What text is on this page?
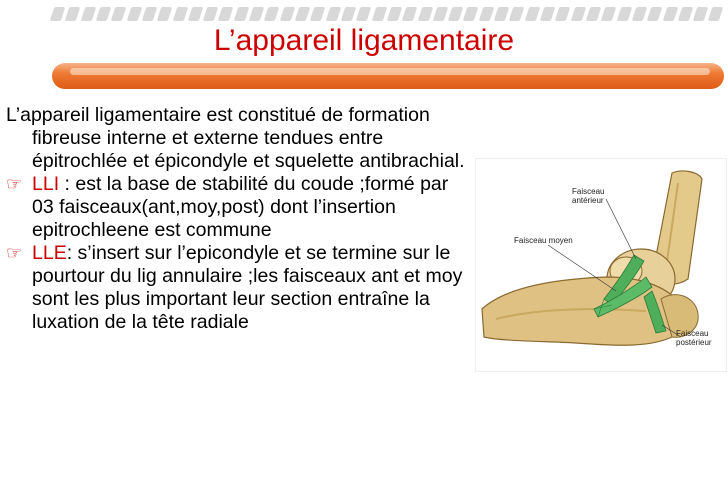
L’appareil ligamentaire

L’appareil ligamentaire est constitué de formation fibreuse interne et externe tendues entre épitrochlée et épicondyle et squelette antibrachial.

☞ LLI : est la base de stabilité du coude ;formé par 03 faisceaux(ant,moy,post) dont l’insertion epitrochleene est commune

☞ LLE: s’insert sur l’epicondyle et se termine sur le pourtour du lig annulaire ;les faisceaux ant et moy sont les plus important leur section entraîne la luxation de la tête radiale

Faisceau
antérieur
Faisceau moyen
Faisceau
postérieur
